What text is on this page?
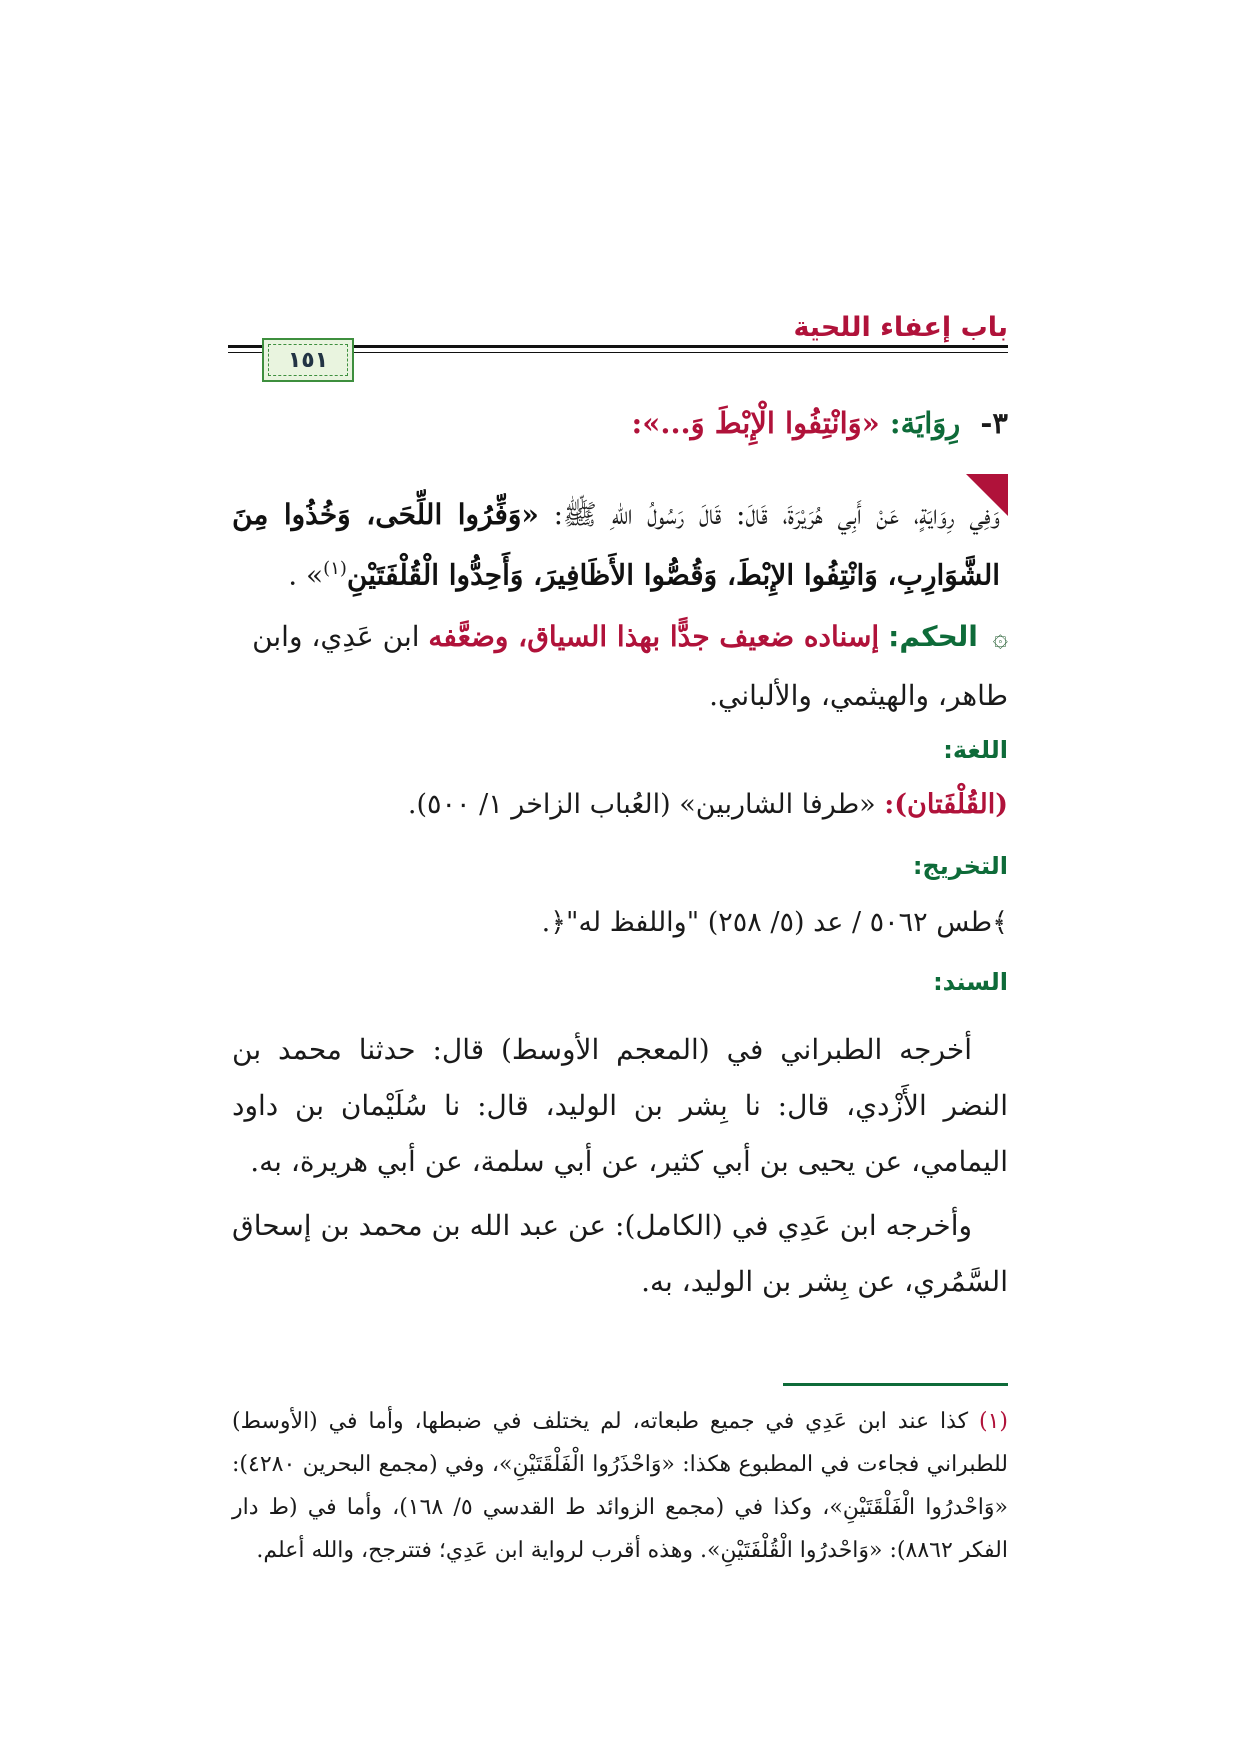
باب إعفاء اللحية
١٥١
٣- رِوَايَة: «وَانْتِفُوا الْإِبْطَ وَ...»:
وَفِي رِوَايَةٍ، عَنْ أَبِي هُرَيْرَةَ، قَالَ: قَالَ رَسُولُ اللهِ ﷺ: «وَفِّرُوا اللِّحَى، وَخُذُوا مِنَ الشَّوَارِبِ، وَانْتِفُوا الإِبْطَ، وَقُصُّوا الأَظَافِيرَ، وَأَحِدُّوا الْقُلْفَتَيْنِ$^{(١)}$» .
۞ الحكم: إسناده ضعيف جدًّا بهذا السياق، وضعَّفه ابن عَدِي، وابن طاهر، والهيثمي، والألباني.
اللغة:
(القُلْفَتان): «طرفا الشاربين» (العُباب الزاخر ١/ ٥٠٠).
التخريج:
﴾طس ٥٠٦٢ / عد (٥/ ٢٥٨) "واللفظ له"﴿.
السند:
أخرجه الطبراني في (المعجم الأوسط) قال: حدثنا محمد بن النضر الأَزْدي، قال: نا بِشر بن الوليد، قال: نا سُلَيْمان بن داود اليمامي، عن يحيى بن أبي كثير، عن أبي سلمة، عن أبي هريرة، به.
وأخرجه ابن عَدِي في (الكامل): عن عبد الله بن محمد بن إسحاق السَّمُري، عن بِشر بن الوليد، به.
(١) كذا عند ابن عَدِي في جميع طبعاته، لم يختلف في ضبطها، وأما في (الأوسط) للطبراني فجاءت في المطبوع هكذا: «وَاحْذَرُوا الْفَلْقَتَيْنِ»، وفي (مجمع البحرين ٤٢٨٠): «وَاحْدرُوا الْفَلْقَتَيْنِ»، وكذا في (مجمع الزوائد ط القدسي ٥/ ١٦٨)، وأما في (ط دار الفكر ٨٨٦٢): «وَاحْدرُوا الْقُلْفَتَيْنِ». وهذه أقرب لرواية ابن عَدِي؛ فتترجح، والله أعلم.
